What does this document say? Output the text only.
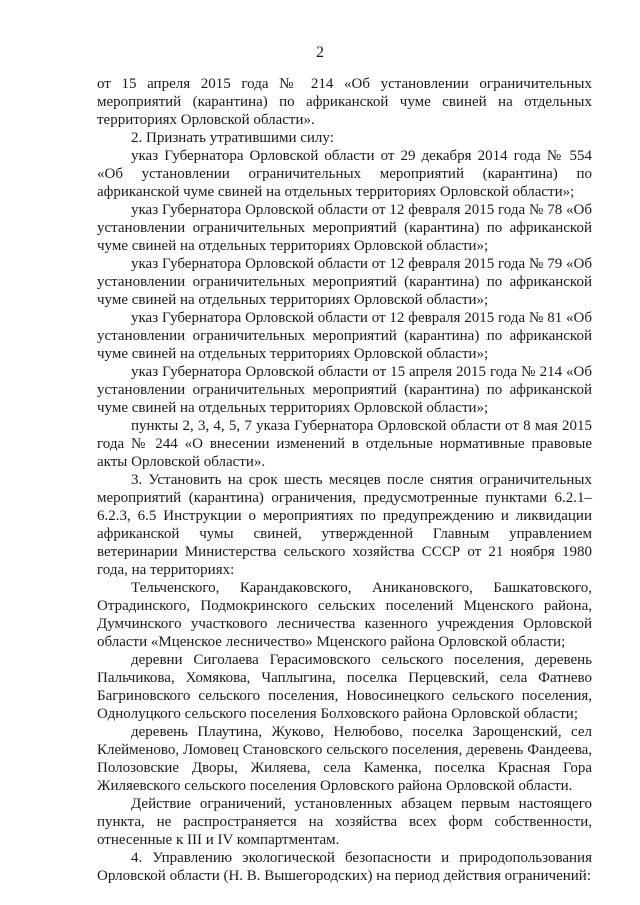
2

от 15 апреля 2015 года № 214 «Об установлении ограничительных мероприятий (карантина) по африканской чуме свиней на отдельных территориях Орловской области».

2. Признать утратившими силу:

указ Губернатора Орловской области от 29 декабря 2014 года № 554 «Об установлении ограничительных мероприятий (карантина) по африканской чуме свиней на отдельных территориях Орловской области»;

указ Губернатора Орловской области от 12 февраля 2015 года № 78 «Об установлении ограничительных мероприятий (карантина) по африканской чуме свиней на отдельных территориях Орловской области»;

указ Губернатора Орловской области от 12 февраля 2015 года № 79 «Об установлении ограничительных мероприятий (карантина) по африканской чуме свиней на отдельных территориях Орловской области»;

указ Губернатора Орловской области от 12 февраля 2015 года № 81 «Об установлении ограничительных мероприятий (карантина) по африканской чуме свиней на отдельных территориях Орловской области»;

указ Губернатора Орловской области от 15 апреля 2015 года № 214 «Об установлении ограничительных мероприятий (карантина) по африканской чуме свиней на отдельных территориях Орловской области»;

пункты 2, 3, 4, 5, 7 указа Губернатора Орловской области от 8 мая 2015 года № 244 «О внесении изменений в отдельные нормативные правовые акты Орловской области».

3. Установить на срок шесть месяцев после снятия ограничительных мероприятий (карантина) ограничения, предусмотренные пунктами 6.2.1–6.2.3, 6.5 Инструкции о мероприятиях по предупреждению и ликвидации африканской чумы свиней, утвержденной Главным управлением ветеринарии Министерства сельского хозяйства СССР от 21 ноября 1980 года, на территориях:

Тельченского, Карандаковского, Аникановского, Башкатовского, Отрадинского, Подмокринского сельских поселений Мценского района, Думчинского участкового лесничества казенного учреждения Орловской области «Мценское лесничество» Мценского района Орловской области;

деревни Сиголаева Герасимовского сельского поселения, деревень Пальчикова, Хомякова, Чаплыгина, поселка Перцевский, села Фатнево Багриновского сельского поселения, Новосинецкого сельского поселения, Однолуцкого сельского поселения Болховского района Орловской области;

деревень Плаутина, Жуково, Нелюбово, поселка Зарощенский, сел Клейменово, Ломовец Становского сельского поселения, деревень Фандеева, Полозовские Дворы, Жиляева, села Каменка, поселка Красная Гора Жиляевского сельского поселения Орловского района Орловской области.

Действие ограничений, установленных абзацем первым настоящего пункта, не распространяется на хозяйства всех форм собственности, отнесенные к III и IV компартментам.

4. Управлению экологической безопасности и природопользования Орловской области (Н. В. Вышегородских) на период действия ограничений:
